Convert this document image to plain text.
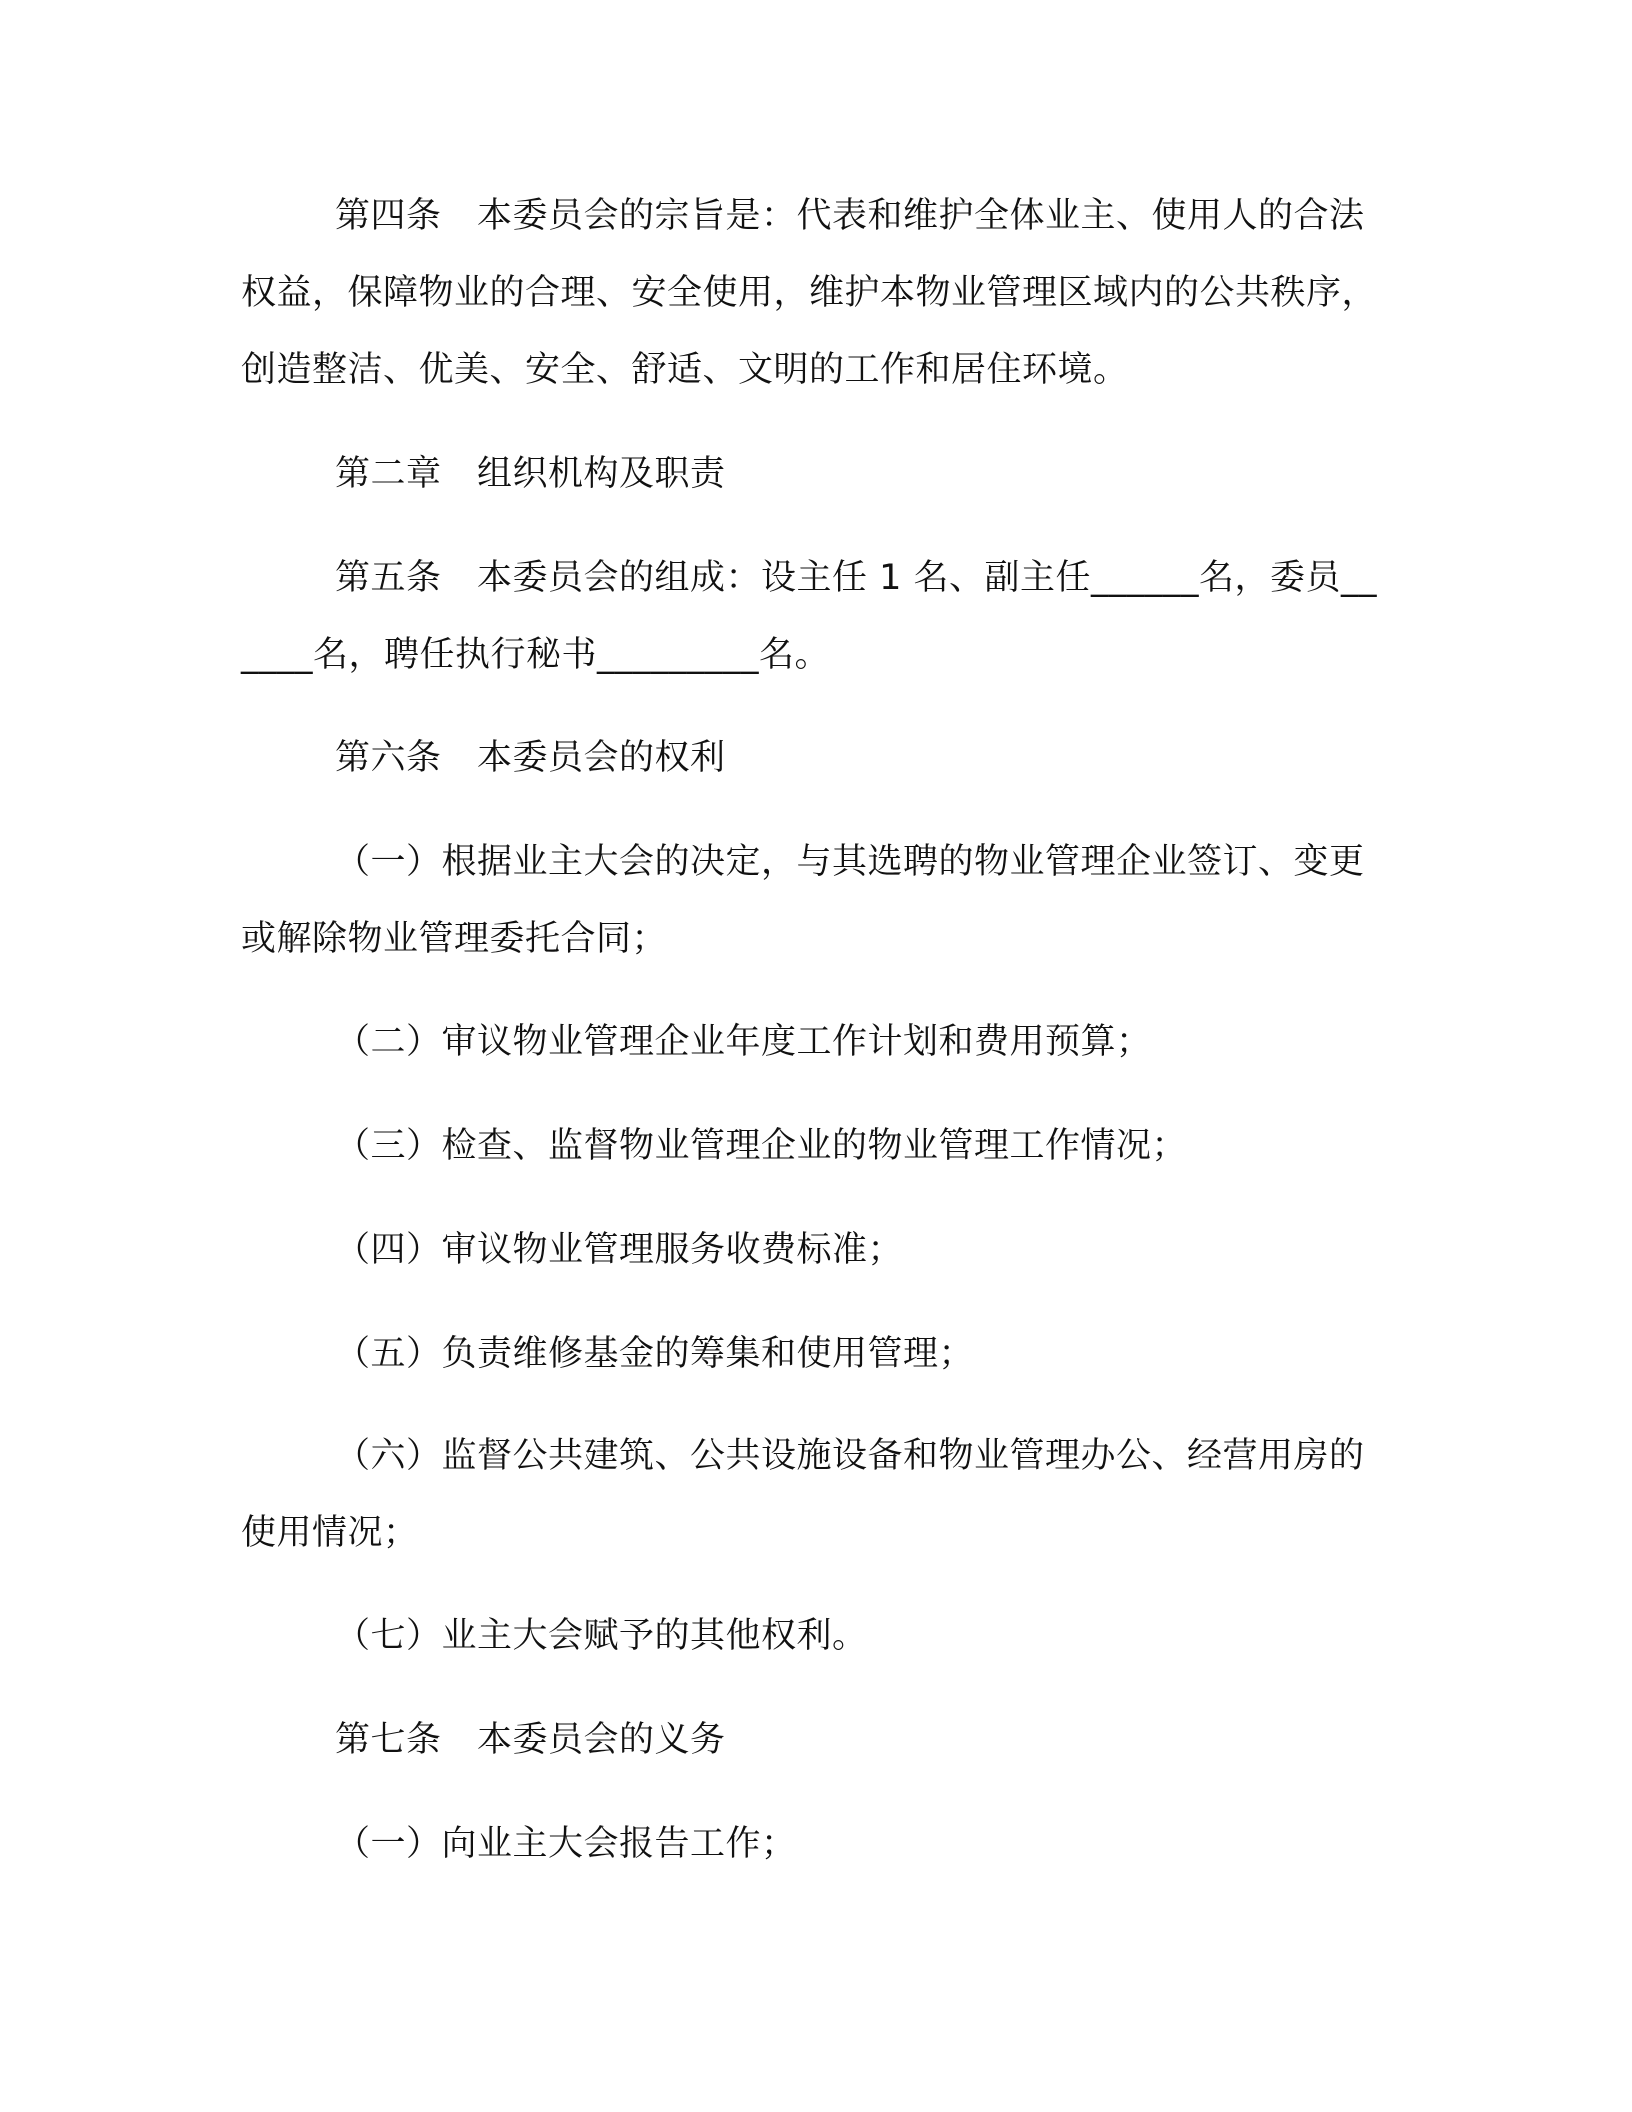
第四条　本委员会的宗旨是：代表和维护全体业主、使用人的合法权益，保障物业的合理、安全使用，维护本物业管理区域内的公共秩序，创造整洁、优美、安全、舒适、文明的工作和居住环境。

第二章　组织机构及职责

第五条　本委员会的组成：设主任 1 名、副主任______名，委员______名，聘任执行秘书_________名。

第六条　本委员会的权利

（一）根据业主大会的决定，与其选聘的物业管理企业签订、变更或解除物业管理委托合同；

（二）审议物业管理企业年度工作计划和费用预算；

（三）检查、监督物业管理企业的物业管理工作情况；

（四）审议物业管理服务收费标准；

（五）负责维修基金的筹集和使用管理；

（六）监督公共建筑、公共设施设备和物业管理办公、经营用房的使用情况；

（七）业主大会赋予的其他权利。

第七条　本委员会的义务

（一）向业主大会报告工作；
